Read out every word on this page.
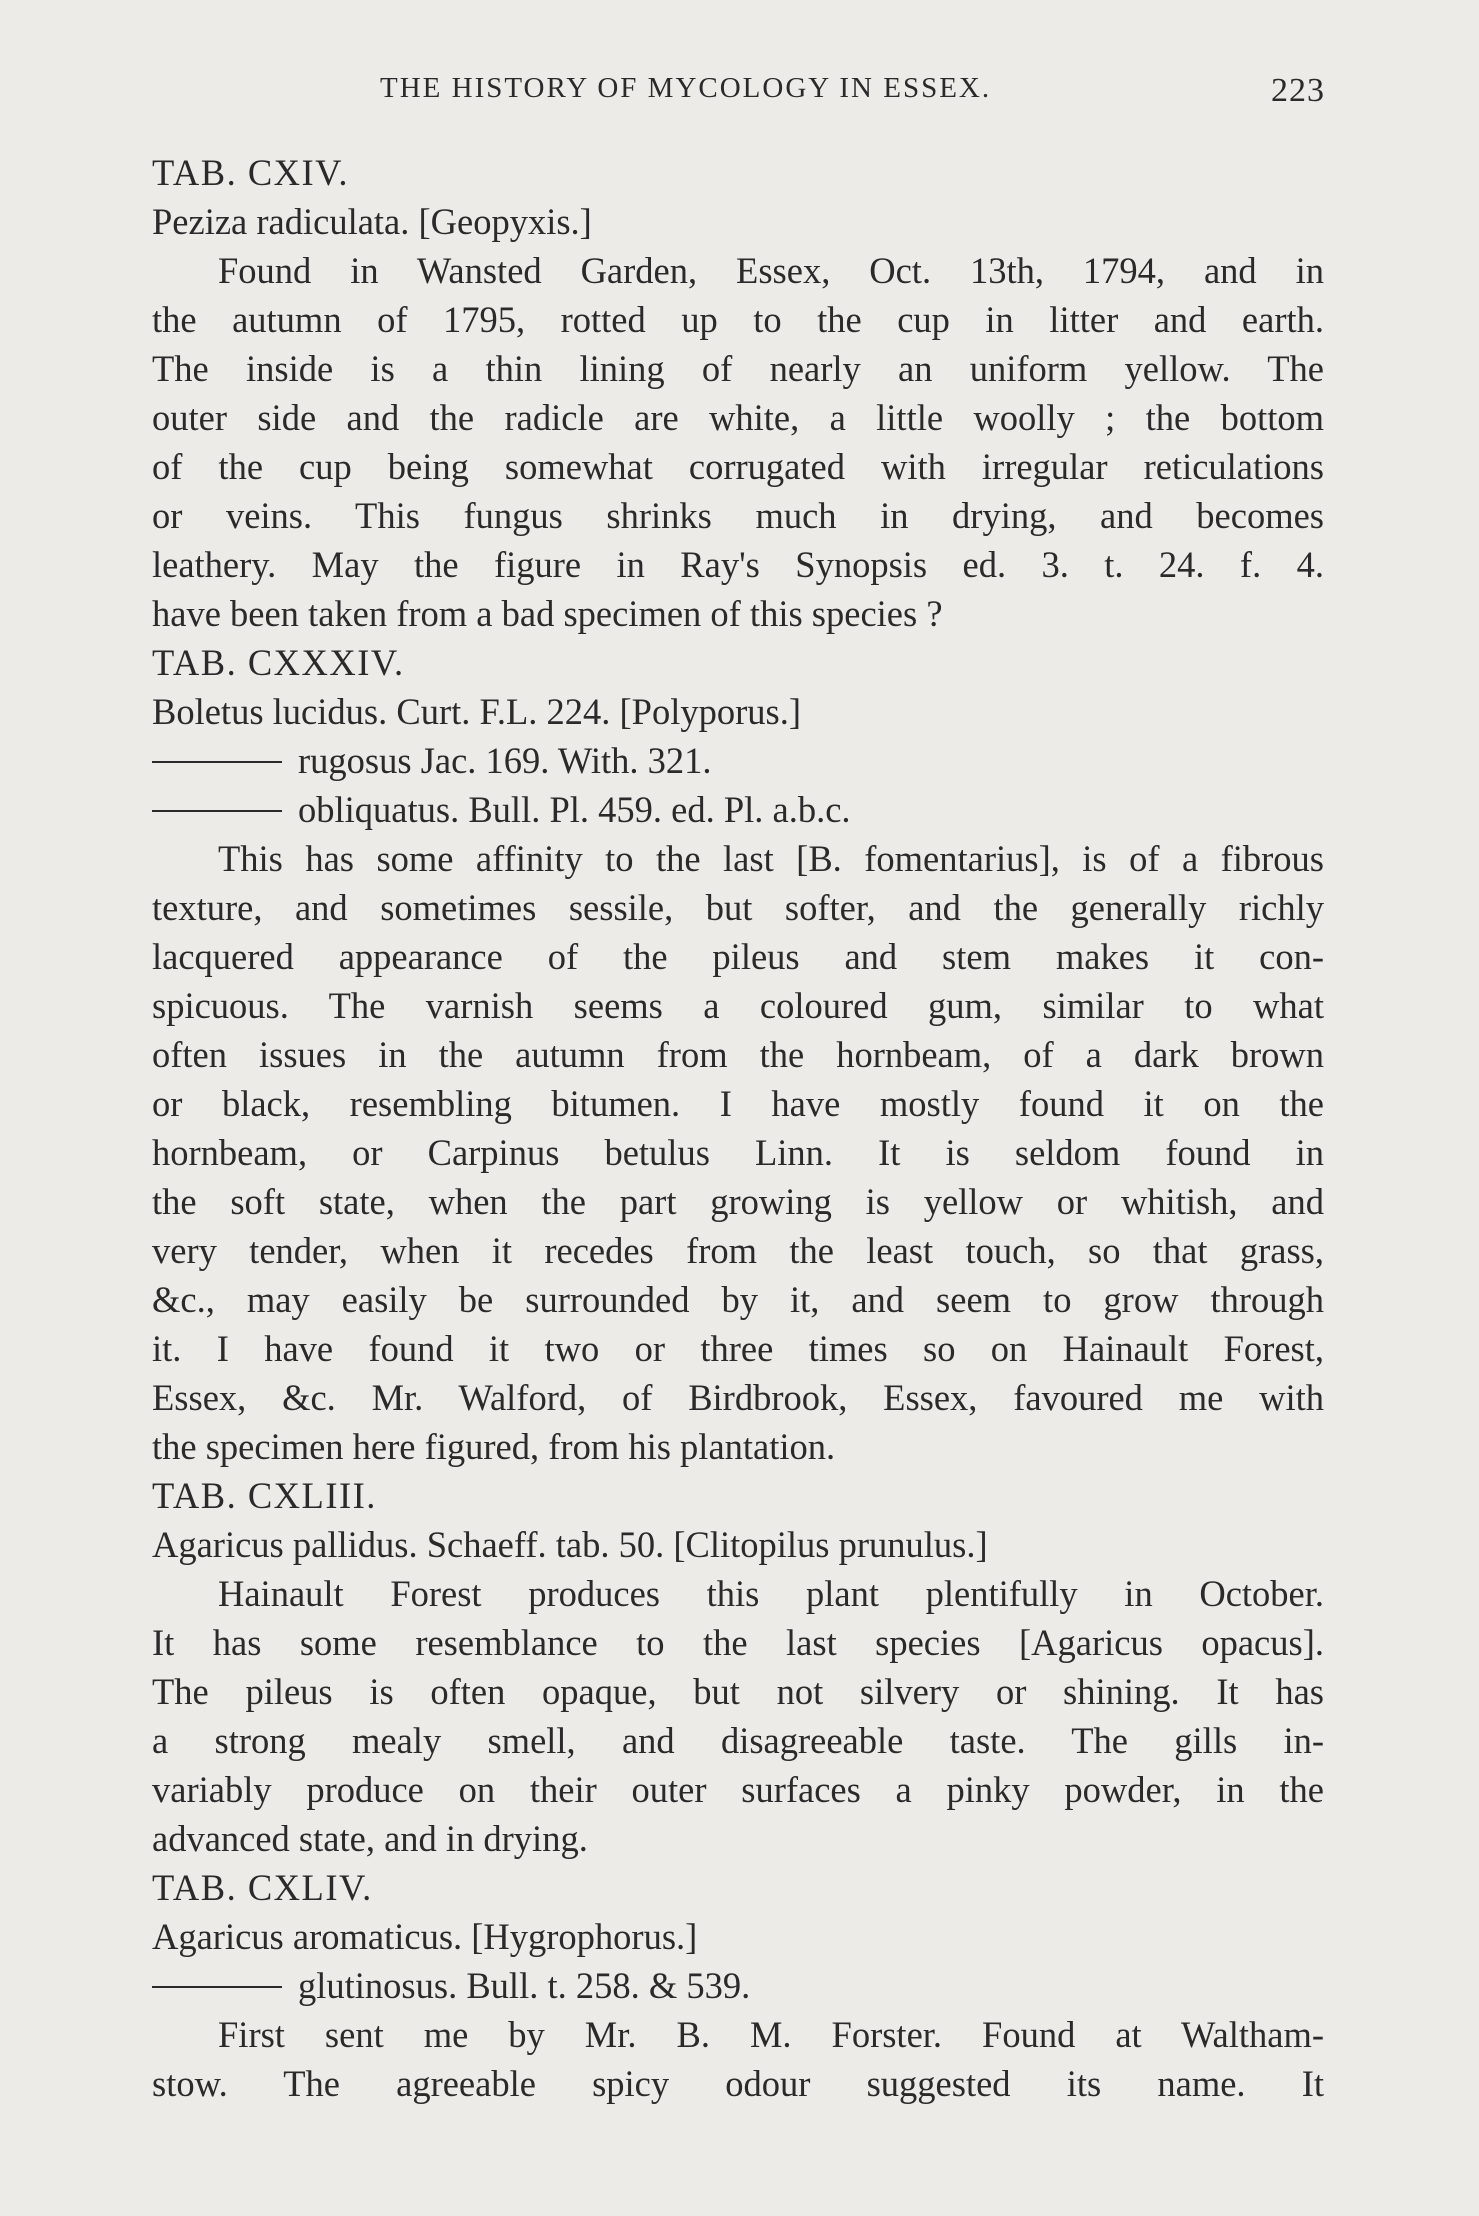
THE HISTORY OF MYCOLOGY IN ESSEX.	223
TAB. CXIV.
Peziza radiculata. [Geopyxis.]
Found in Wansted Garden, Essex, Oct. 13th, 1794, and in
the autumn of 1795, rotted up to the cup in litter and earth.
The inside is a thin lining of nearly an uniform yellow. The
outer side and the radicle are white, a little woolly ; the bottom
of the cup being somewhat corrugated with irregular reticulations
or veins. This fungus shrinks much in drying, and becomes
leathery. May the figure in Ray's Synopsis ed. 3. t. 24. f. 4.
have been taken from a bad specimen of this species ?
TAB. CXXXIV.
Boletus lucidus. Curt. F.L. 224. [Polyporus.]
rugosus Jac. 169. With. 321.
obliquatus. Bull. Pl. 459. ed. Pl. a.b.c.
This has some affinity to the last [B. fomentarius], is of a fibrous
texture, and sometimes sessile, but softer, and the generally richly
lacquered appearance of the pileus and stem makes it con-
spicuous. The varnish seems a coloured gum, similar to what
often issues in the autumn from the hornbeam, of a dark brown
or black, resembling bitumen. I have mostly found it on the
hornbeam, or Carpinus betulus Linn. It is seldom found in
the soft state, when the part growing is yellow or whitish, and
very tender, when it recedes from the least touch, so that grass,
&c., may easily be surrounded by it, and seem to grow through
it. I have found it two or three times so on Hainault Forest,
Essex, &c. Mr. Walford, of Birdbrook, Essex, favoured me with
the specimen here figured, from his plantation.
TAB. CXLIII.
Agaricus pallidus. Schaeff. tab. 50. [Clitopilus prunulus.]
Hainault Forest produces this plant plentifully in October.
It has some resemblance to the last species [Agaricus opacus].
The pileus is often opaque, but not silvery or shining. It has
a strong mealy smell, and disagreeable taste. The gills in-
variably produce on their outer surfaces a pinky powder, in the
advanced state, and in drying.
TAB. CXLIV.
Agaricus aromaticus. [Hygrophorus.]
glutinosus. Bull. t. 258. & 539.
First sent me by Mr. B. M. Forster. Found at Waltham-
stow. The agreeable spicy odour suggested its name. It
